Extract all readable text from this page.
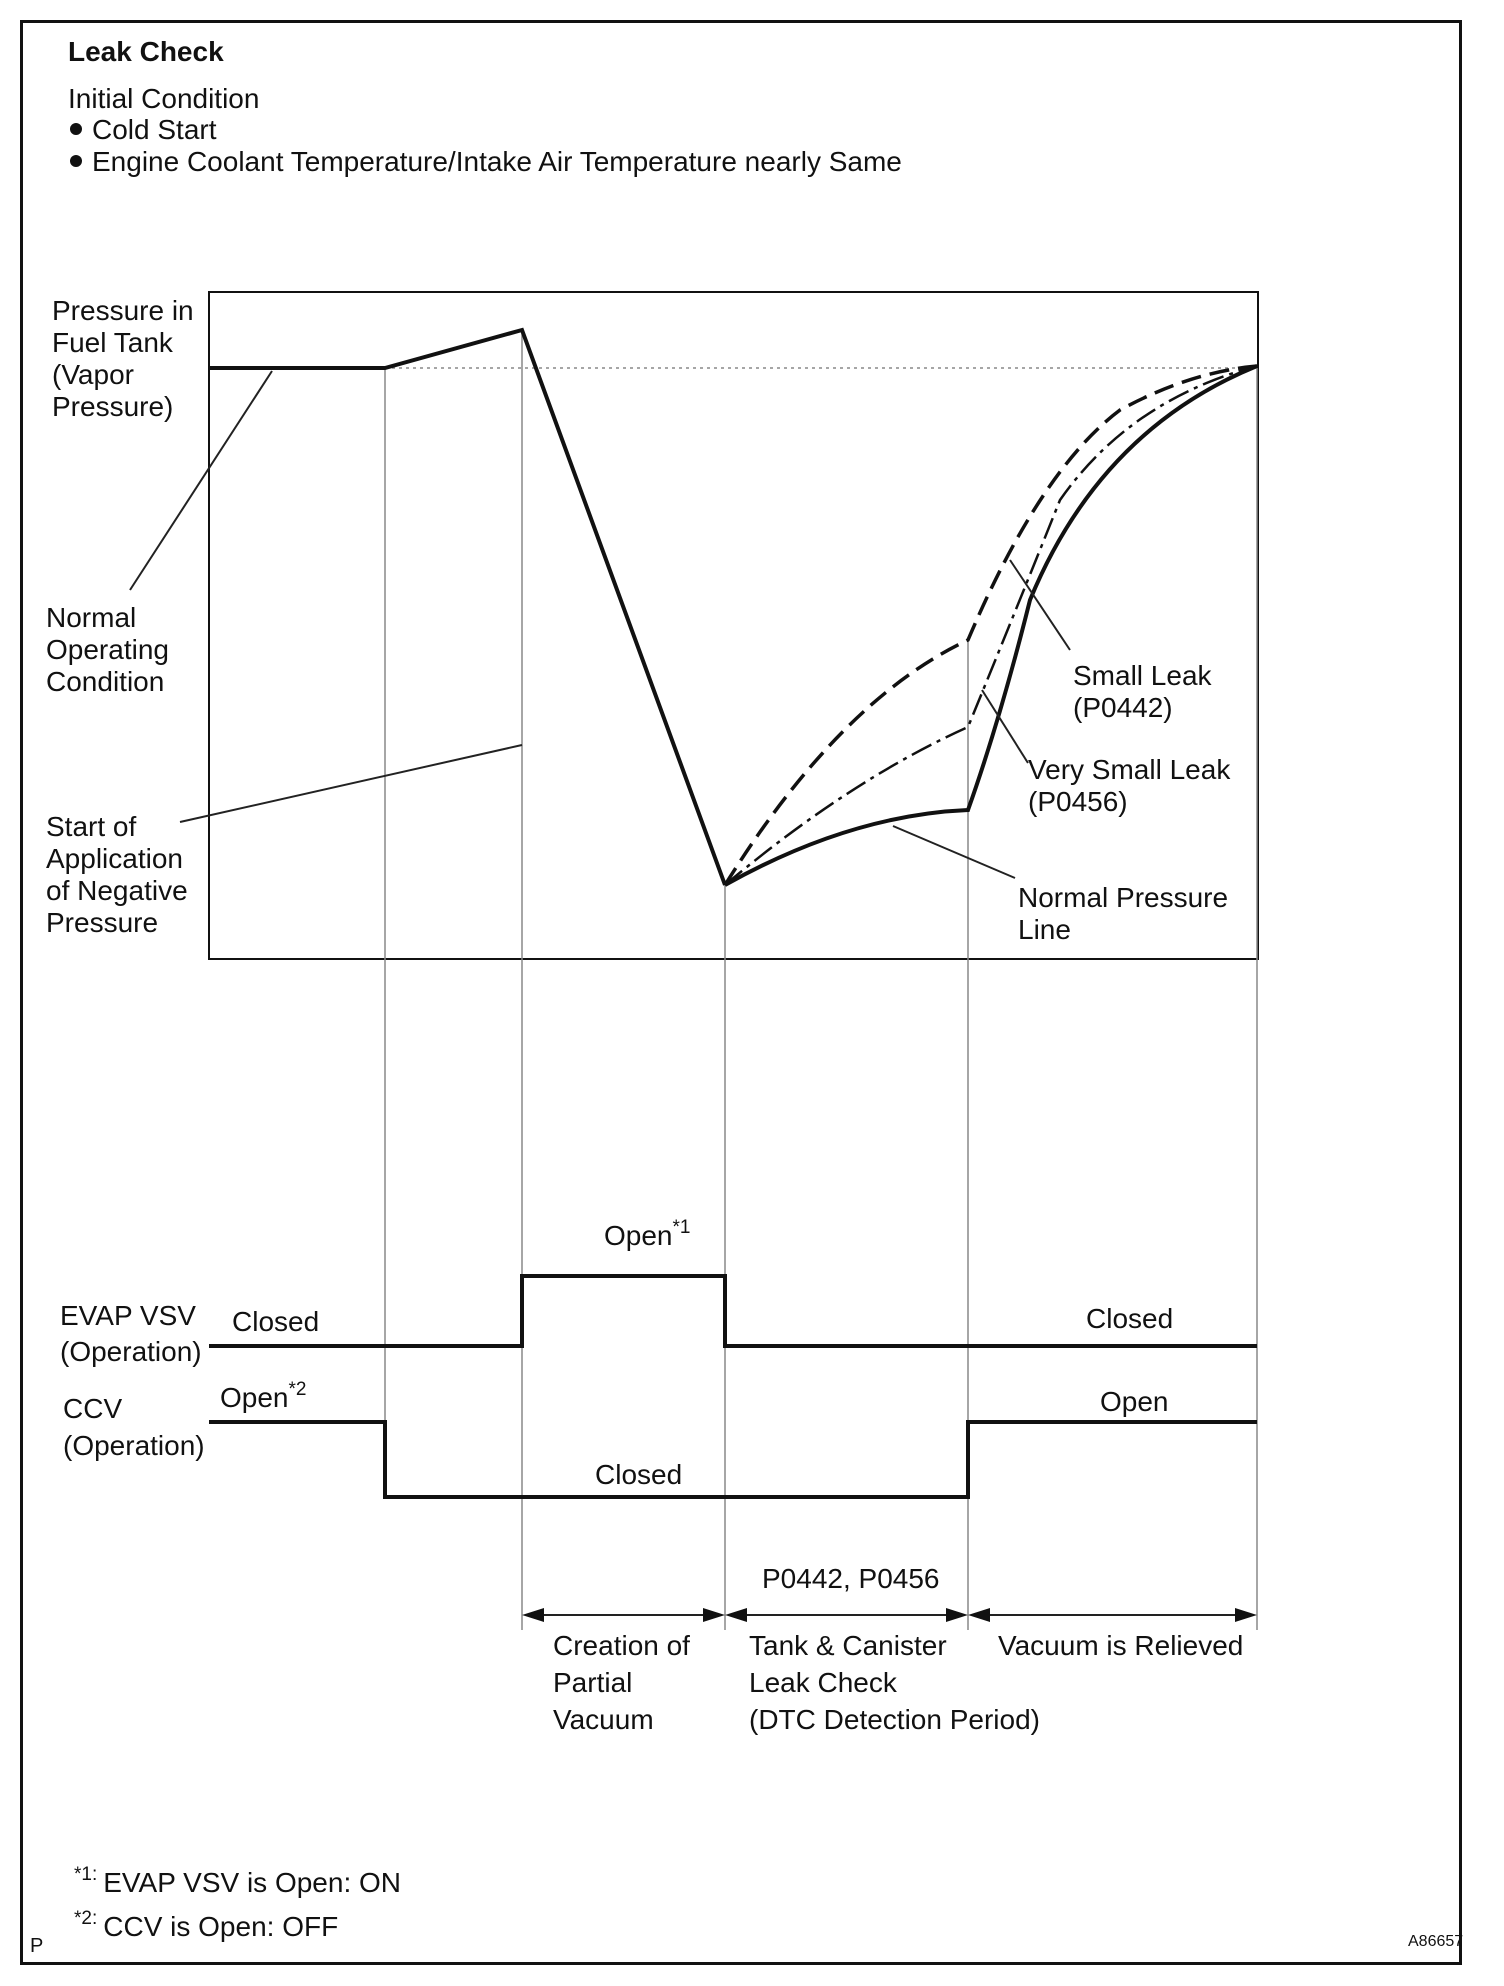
Leak Check
Initial Condition
Cold Start
Engine Coolant Temperature/Intake Air Temperature nearly Same
Pressure in
Fuel Tank
(Vapor
Pressure)
Normal
Operating
Condition
Start of
Application
of Negative
Pressure
Small Leak
(P0442)
Very Small Leak
(P0456)
Normal Pressure
Line
EVAP VSV
(Operation)
Closed
Open*1
Closed
CCV
(Operation)
Open*2
Closed
Open
P0442, P0456
Creation of
Partial
Vacuum
Tank & Canister
Leak Check
(DTC Detection Period)
Vacuum is Relieved
*1: EVAP VSV is Open: ON
*2: CCV is Open: OFF
P	A86657
